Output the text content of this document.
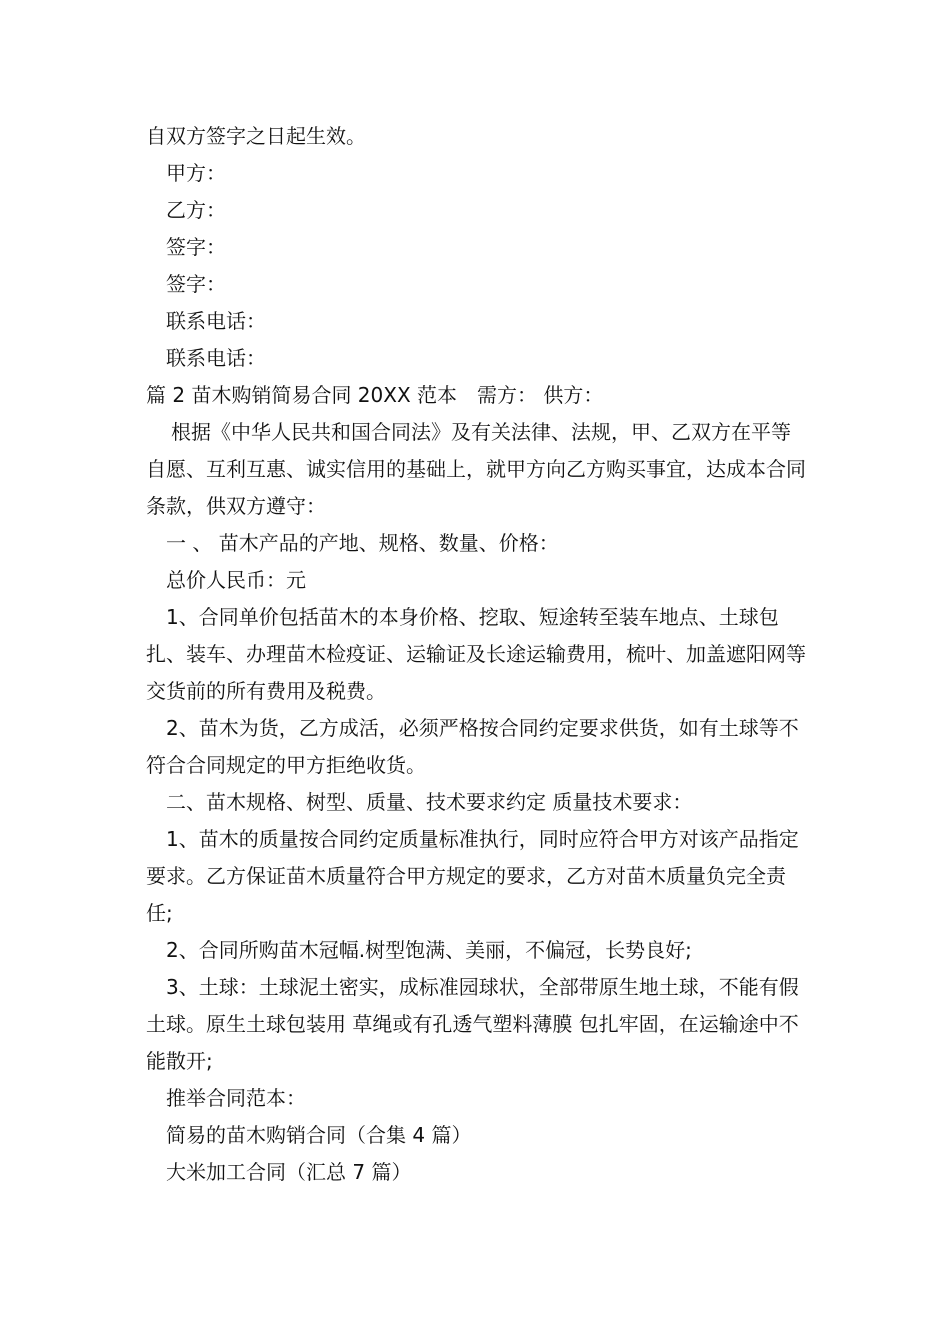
自双方签字之日起生效。

甲方：

乙方：

签字：

签字：

联系电话：

联系电话：

篇 2 苗木购销简易合同 20XX 范本　需方： 供方：

根据《中华人民共和国合同法》及有关法律、法规，甲、乙双方在平等自愿、互利互惠、诚实信用的基础上，就甲方向乙方购买事宜，达成本合同条款，供双方遵守：

一 、 苗木产品的产地、规格、数量、价格：

总价人民币：元

1、合同单价包括苗木的本身价格、挖取、短途转至装车地点、土球包扎、装车、办理苗木检疫证、运输证及长途运输费用，梳叶、加盖遮阳网等交货前的所有费用及税费。

2、苗木为货，乙方成活，必须严格按合同约定要求供货，如有土球等不符合合同规定的甲方拒绝收货。

二、苗木规格、树型、质量、技术要求约定 质量技术要求：

1、苗木的质量按合同约定质量标准执行，同时应符合甲方对该产品指定要求。乙方保证苗木质量符合甲方规定的要求，乙方对苗木质量负完全责任;

2、合同所购苗木冠幅.树型饱满、美丽，不偏冠，长势良好;

3、土球：土球泥土密实，成标准园球状，全部带原生地土球，不能有假土球。原生土球包装用 草绳或有孔透气塑料薄膜 包扎牢固，在运输途中不能散开;

推举合同范本：

简易的苗木购销合同（合集 4 篇）

大米加工合同（汇总 7 篇）
